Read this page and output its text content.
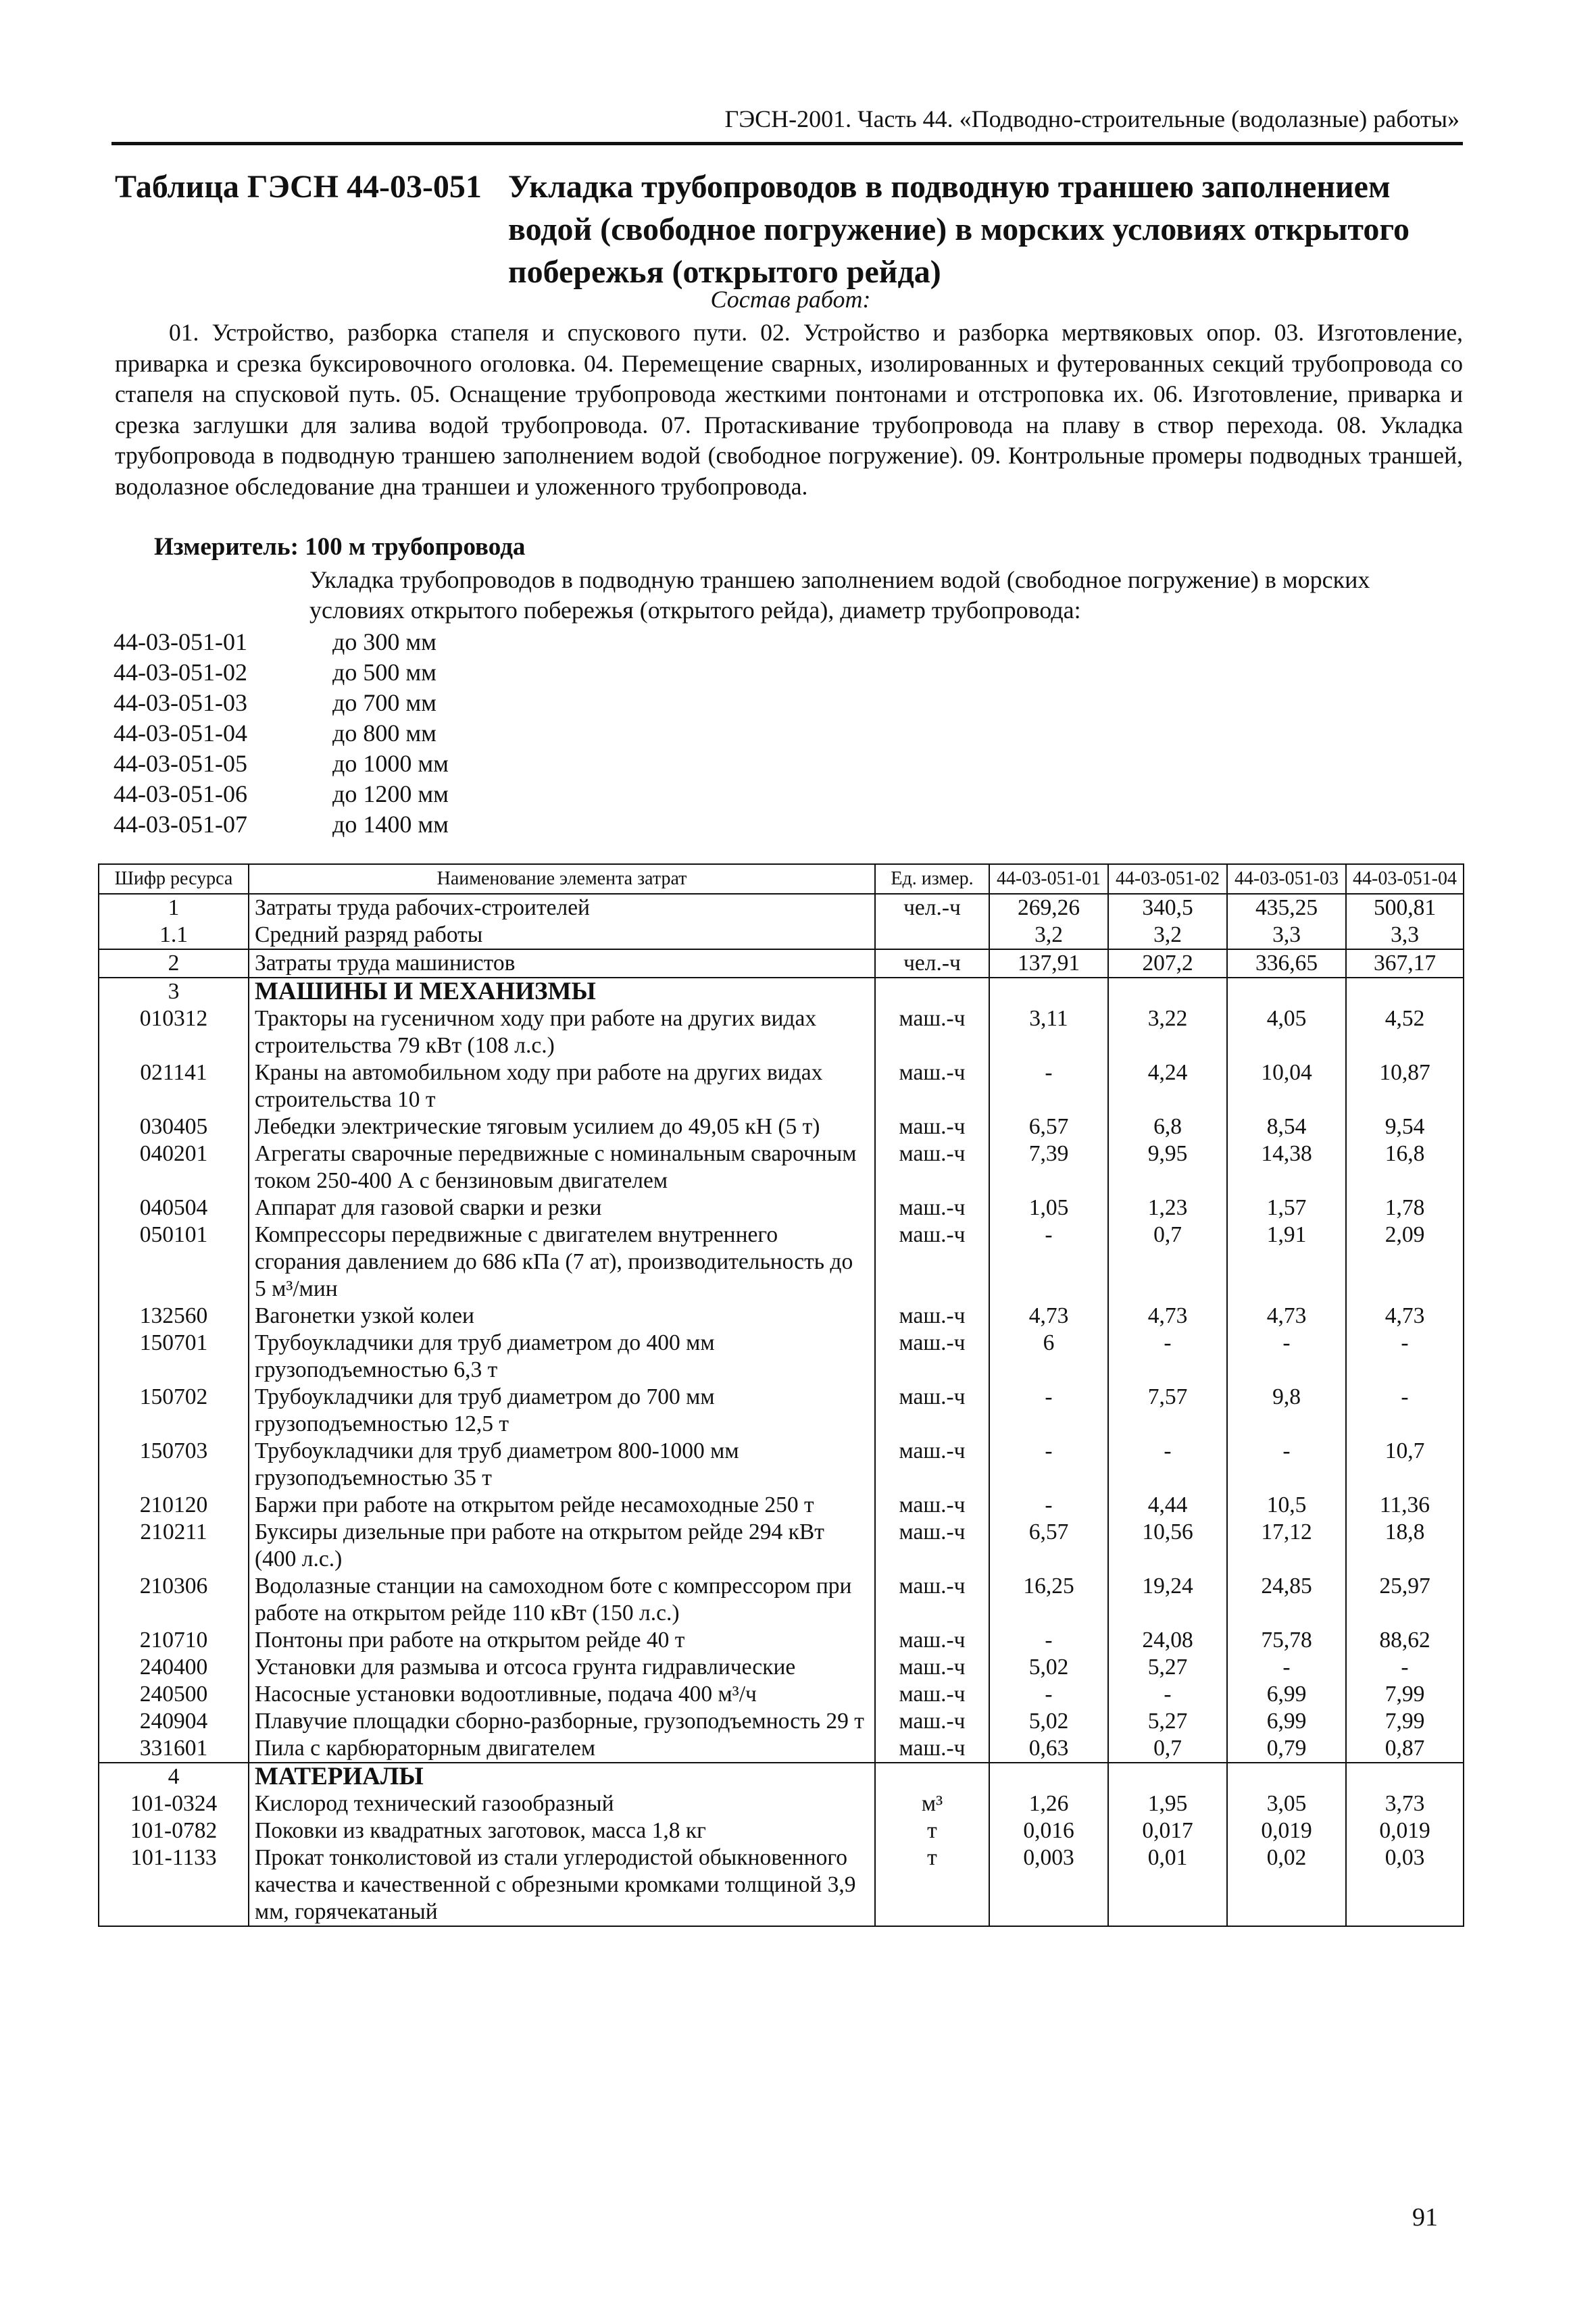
ГЭСН-2001. Часть 44. «Подводно-строительные (водолазные) работы»
Таблица ГЭСН 44-03-051 Укладка трубопроводов в подводную траншею заполнением водой (свободное погружение) в морских условиях открытого побережья (открытого рейда)
Состав работ:
01. Устройство, разборка стапеля и спускового пути. 02. Устройство и разборка мертвяковых опор. 03. Изготовление, приварка и срезка буксировочного оголовка. 04. Перемещение сварных, изолированных и футерованных секций трубопровода со стапеля на спусковой путь. 05. Оснащение трубопровода жесткими понтонами и отстроповка их. 06. Изготовление, приварка и срезка заглушки для залива водой трубопровода. 07. Протаскивание трубопровода на плаву в створ перехода. 08. Укладка трубопровода в подводную траншею заполнением водой (свободное погружение). 09. Контрольные промеры подводных траншей, водолазное обследование дна траншеи и уложенного трубопровода.
Измеритель: 100 м трубопровода
Укладка трубопроводов в подводную траншею заполнением водой (свободное погружение) в морских условиях открытого побережья (открытого рейда), диаметр трубопровода:
44-03-051-01	до 300 мм
44-03-051-02	до 500 мм
44-03-051-03	до 700 мм
44-03-051-04	до 800 мм
44-03-051-05	до 1000 мм
44-03-051-06	до 1200 мм
44-03-051-07	до 1400 мм
Шифр ресурса	Наименование элемента затрат	Ед. измер.	44-03-051-01	44-03-051-02	44-03-051-03	44-03-051-04
1	Затраты труда рабочих-строителей	чел.-ч	269,26	340,5	435,25	500,81
1.1	Средний разряд работы		3,2	3,2	3,3	3,3
2	Затраты труда машинистов	чел.-ч	137,91	207,2	336,65	367,17
3	МАШИНЫ И МЕХАНИЗМЫ					
010312	Тракторы на гусеничном ходу при работе на других видах строительства 79 кВт (108 л.с.)	маш.-ч	3,11	3,22	4,05	4,52
021141	Краны на автомобильном ходу при работе на других видах строительства 10 т	маш.-ч	-	4,24	10,04	10,87
030405	Лебедки электрические тяговым усилием до 49,05 кН (5 т)	маш.-ч	6,57	6,8	8,54	9,54
040201	Агрегаты сварочные передвижные с номинальным сварочным током 250-400 А с бензиновым двигателем	маш.-ч	7,39	9,95	14,38	16,8
040504	Аппарат для газовой сварки и резки	маш.-ч	1,05	1,23	1,57	1,78
050101	Компрессоры передвижные с двигателем внутреннего сгорания давлением до 686 кПа (7 ат), производительность до 5 м³/мин	маш.-ч	-	0,7	1,91	2,09
132560	Вагонетки узкой колеи	маш.-ч	4,73	4,73	4,73	4,73
150701	Трубоукладчики для труб диаметром до 400 мм грузоподъемностью 6,3 т	маш.-ч	6	-	-	-
150702	Трубоукладчики для труб диаметром до 700 мм грузоподъемностью 12,5 т	маш.-ч	-	7,57	9,8	-
150703	Трубоукладчики для труб диаметром 800-1000 мм грузоподъемностью 35 т	маш.-ч	-	-	-	10,7
210120	Баржи при работе на открытом рейде несамоходные 250 т	маш.-ч	-	4,44	10,5	11,36
210211	Буксиры дизельные при работе на открытом рейде 294 кВт (400 л.с.)	маш.-ч	6,57	10,56	17,12	18,8
210306	Водолазные станции на самоходном боте с компрессором при работе на открытом рейде 110 кВт (150 л.с.)	маш.-ч	16,25	19,24	24,85	25,97
210710	Понтоны при работе на открытом рейде 40 т	маш.-ч	-	24,08	75,78	88,62
240400	Установки для размыва и отсоса грунта гидравлические	маш.-ч	5,02	5,27	-	-
240500	Насосные установки водоотливные, подача 400 м³/ч	маш.-ч	-	-	6,99	7,99
240904	Плавучие площадки сборно-разборные, грузоподъемность 29 т	маш.-ч	5,02	5,27	6,99	7,99
331601	Пила с карбюраторным двигателем	маш.-ч	0,63	0,7	0,79	0,87
4	МАТЕРИАЛЫ					
101-0324	Кислород технический газообразный	м³	1,26	1,95	3,05	3,73
101-0782	Поковки из квадратных заготовок, масса 1,8 кг	т	0,016	0,017	0,019	0,019
101-1133	Прокат тонколистовой из стали углеродистой обыкновенного качества и качественной с обрезными кромками толщиной 3,9 мм, горячекатаный	т	0,003	0,01	0,02	0,03
91
